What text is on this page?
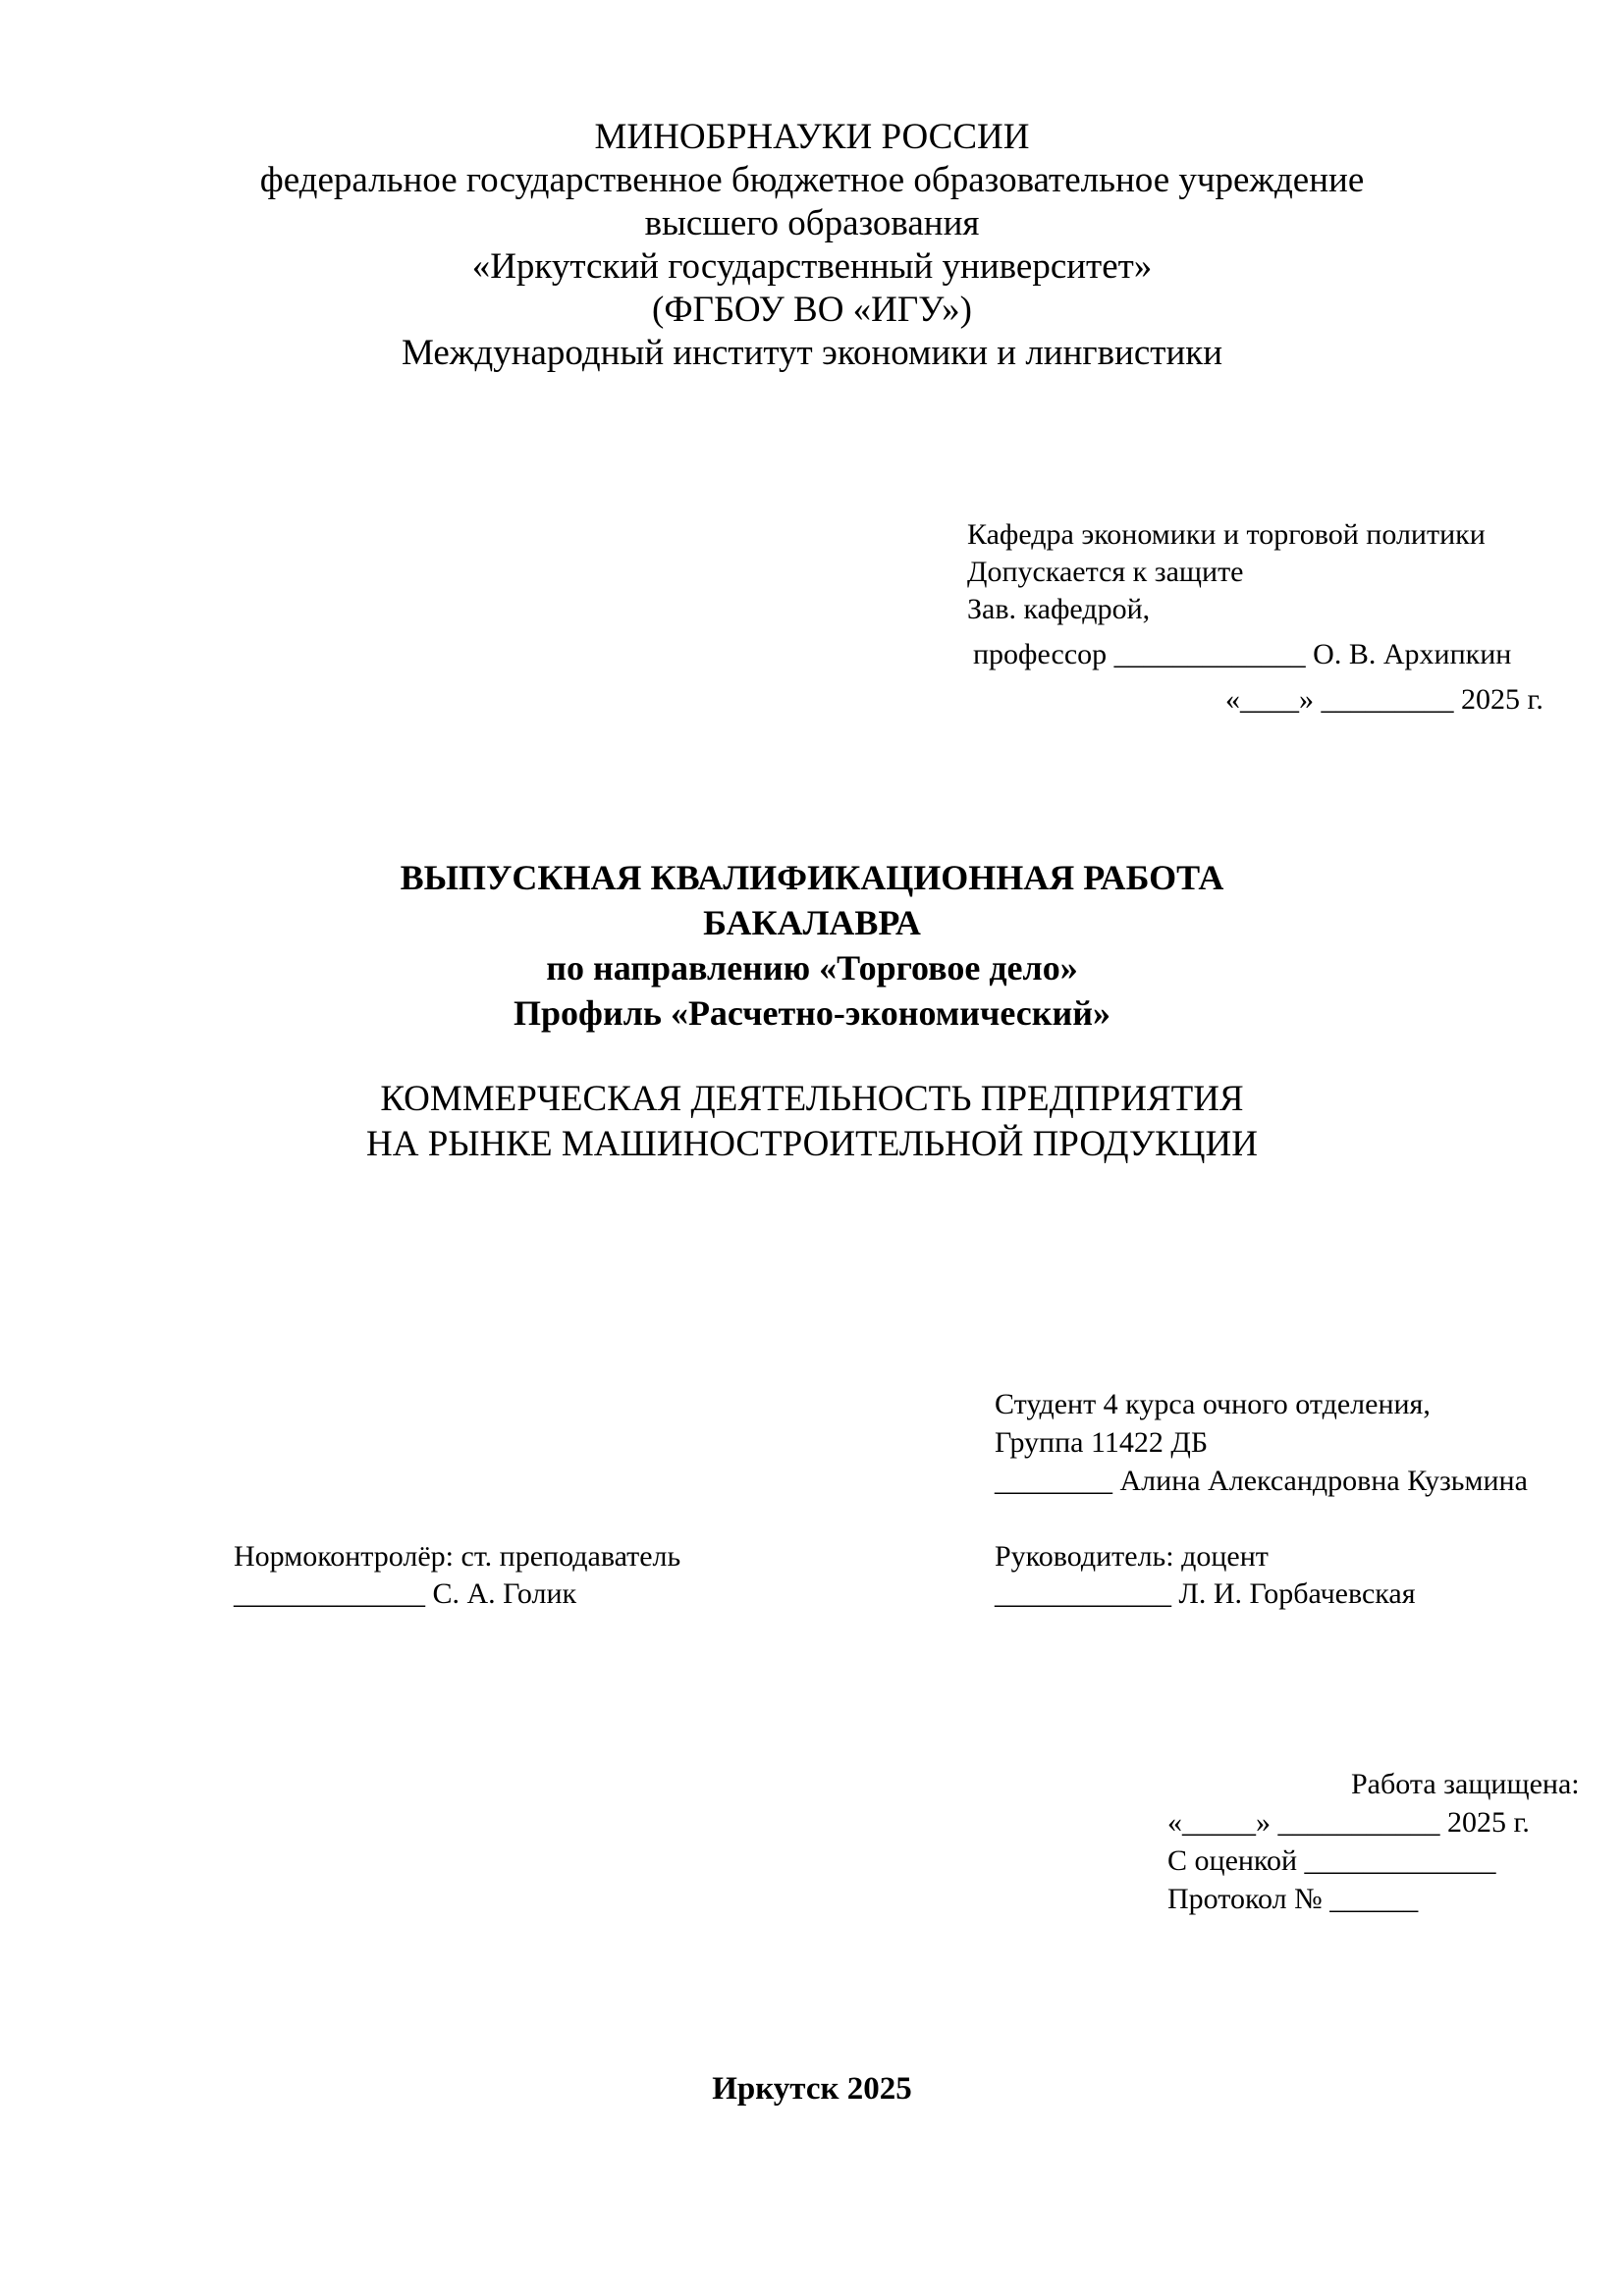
МИНОБРНАУКИ РОССИИ
федеральное государственное бюджетное образовательное учреждение
высшего образования
«Иркутский государственный университет»
(ФГБОУ ВО «ИГУ»)
Международный институт экономики и лингвистики
Кафедра экономики и торговой политики
Допускается к защите
Зав. кафедрой,
профессор _____________ О. В. Архипкин
«____» _________ 2025 г.
ВЫПУСКНАЯ КВАЛИФИКАЦИОННАЯ РАБОТА
БАКАЛАВРА
по направлению «Торговое дело»
Профиль «Расчетно-экономический»
КОММЕРЧЕСКАЯ ДЕЯТЕЛЬНОСТЬ ПРЕДПРИЯТИЯ
НА РЫНКЕ МАШИНОСТРОИТЕЛЬНОЙ ПРОДУКЦИИ
Студент 4 курса очного отделения,
Группа 11422 ДБ
________ Алина Александровна Кузьмина
Нормоконтролёр: ст. преподаватель
_____________ С. А. Голик
Руководитель: доцент
____________ Л. И. Горбачевская
Работа защищена:
«_____» ___________ 2025 г.
С оценкой _____________
Протокол № ______
Иркутск 2025
